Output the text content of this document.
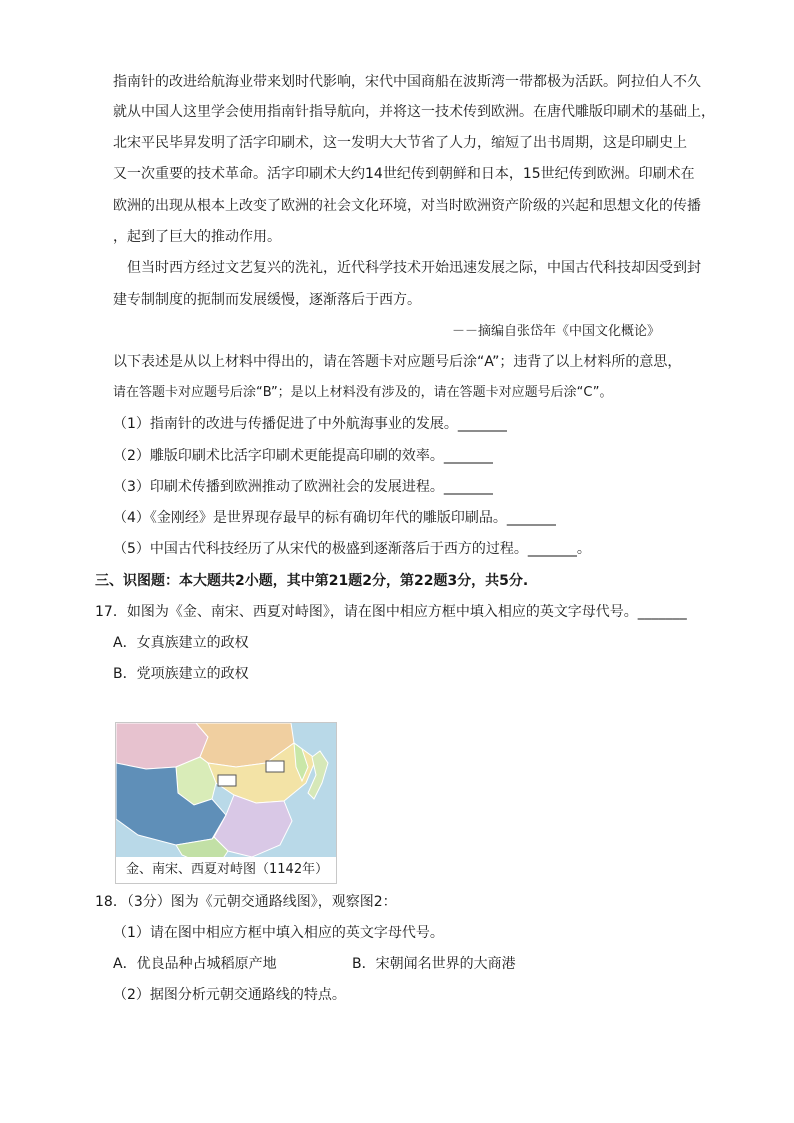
指南针的改进给航海业带来划时代影响，宋代中国商船在波斯湾一带都极为活跃。阿拉伯人不久
就从中国人这里学会使用指南针指导航向，并将这一技术传到欧洲。在唐代雕版印刷术的基础上，
北宋平民毕昇发明了活字印刷术，这一发明大大节省了人力，缩短了出书周期，这是印刷史上
又一次重要的技术革命。活字印刷术大约14世纪传到朝鲜和日本，15世纪传到欧洲。印刷术在
欧洲的出现从根本上改变了欧洲的社会文化环境，对当时欧洲资产阶级的兴起和思想文化的传播
，起到了巨大的推动作用。
但当时西方经过文艺复兴的洗礼，近代科学技术开始迅速发展之际，中国古代科技却因受到封
建专制制度的扼制而发展缓慢，逐渐落后于西方。
－－摘编自张岱年《中国文化概论》
以下表述是从以上材料中得出的，请在答题卡对应题号后涂“A”；违背了以上材料所的意思，
请在答题卡对应题号后涂“B”；是以上材料没有涉及的，请在答题卡对应题号后涂“C”。
（1）指南针的改进与传播促进了中外航海事业的发展。_______
（2）雕版印刷术比活字印刷术更能提高印刷的效率。_______
（3）印刷术传播到欧洲推动了欧洲社会的发展进程。_______
（4）《金刚经》是世界现存最早的标有确切年代的雕版印刷品。_______
（5）中国古代科技经历了从宋代的极盛到逐渐落后于西方的过程。_______。
三、识图题：本大题共2小题，其中第21题2分，第22题3分，共5分.
17．如图为《金、南宋、西夏对峙图》，请在图中相应方框中填入相应的英文字母代号。_______
A．女真族建立的政权
B．党项族建立的政权
金、南宋、西夏对峙图（1142年）
18．（3分）图为《元朝交通路线图》，观察图2：
（1）请在图中相应方框中填入相应的英文字母代号。
A．优良品种占城稻原产地	B．宋朝闻名世界的大商港
（2）据图分析元朝交通路线的特点。
